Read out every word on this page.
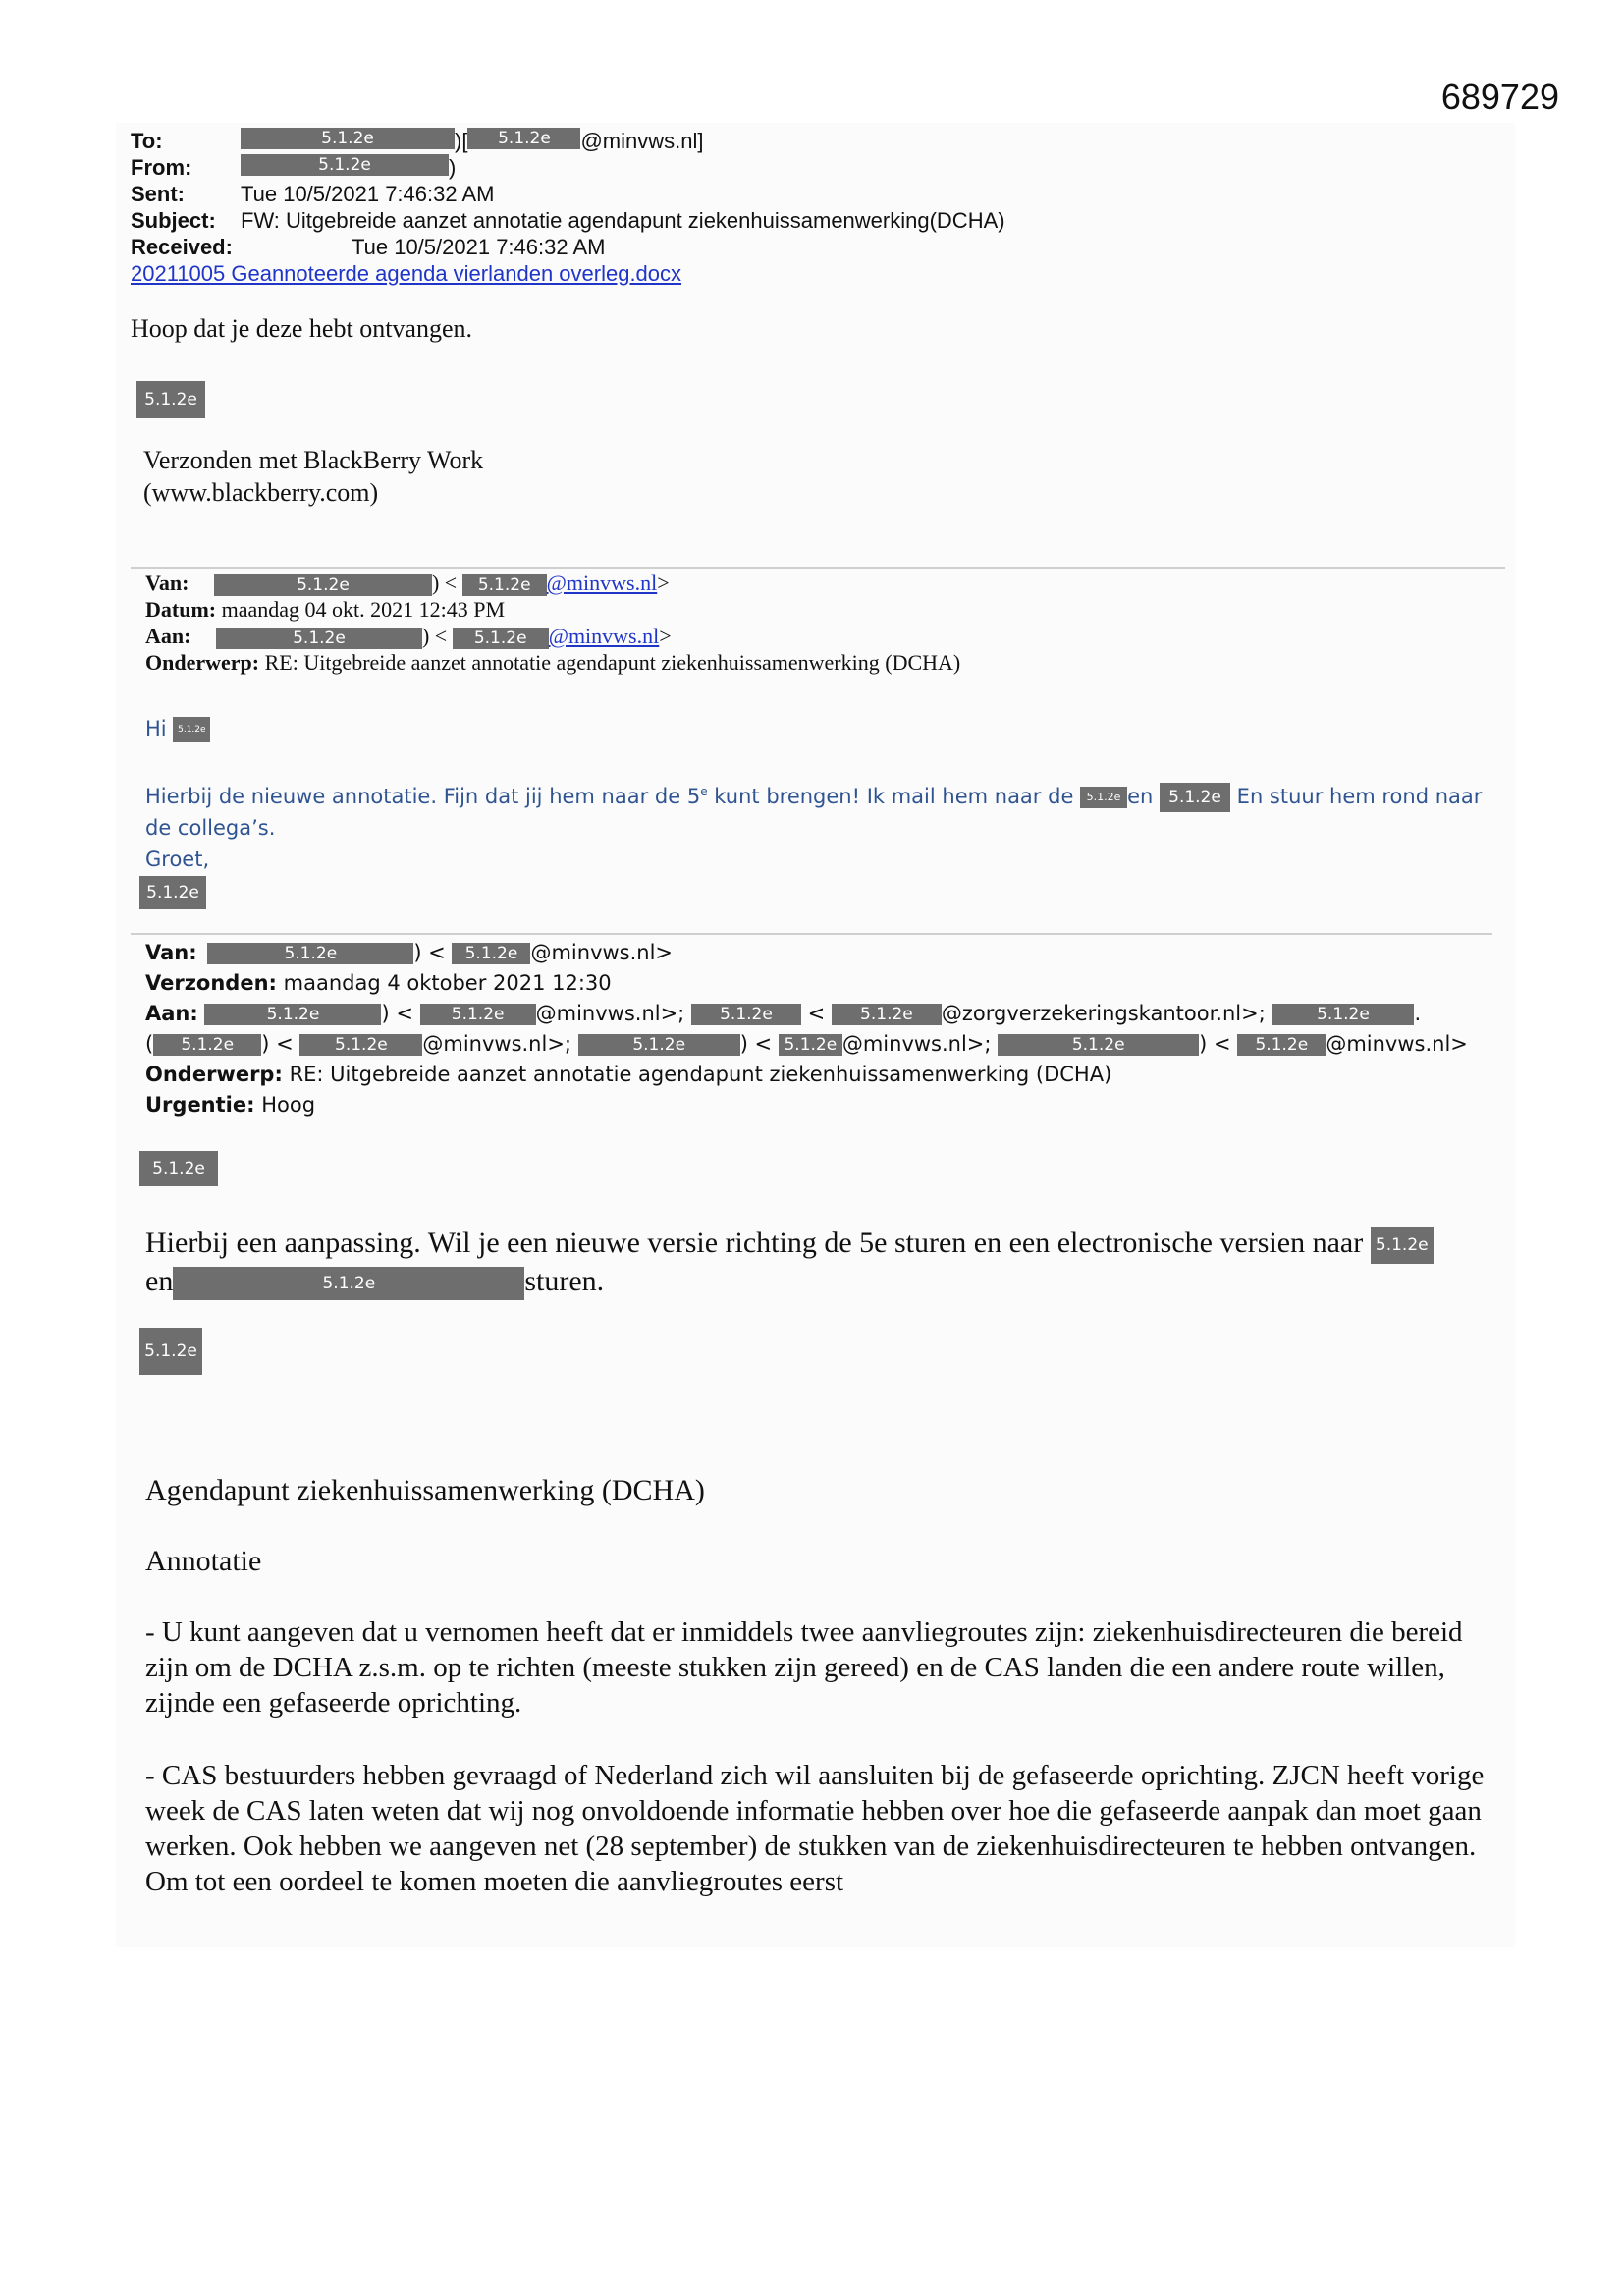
689729
To:	5.1.2e	)[	5.1.2e	@minvws.nl]
From:	5.1.2e	)
Sent:	Tue 10/5/2021 7:46:32 AM
Subject:	FW: Uitgebreide aanzet annotatie agendapunt ziekenhuissamenwerking(DCHA)
Received:	Tue 10/5/2021 7:46:32 AM
20211005 Geannoteerde agenda vierlanden overleg.docx
Hoop dat je deze hebt ontvangen.
5.1.2e
Verzonden met BlackBerry Work
(www.blackberry.com)
Van:	5.1.2e	) < 5.1.2e @minvws.nl>
Datum: maandag 04 okt. 2021 12:43 PM
Aan:	5.1.2e	) < 5.1.2e @minvws.nl>
Onderwerp: RE: Uitgebreide aanzet annotatie agendapunt ziekenhuissamenwerking (DCHA)
Hi 5.1.2e
Hierbij de nieuwe annotatie. Fijn dat jij hem naar de 5e kunt brengen! Ik mail hem naar de 5.1.2e en 5.1.2e En stuur hem rond naar
de collega’s.
Groet,
5.1.2e
Van:	5.1.2e	) < 5.1.2e @minvws.nl>
Verzonden: maandag 4 oktober 2021 12:30
Aan:	5.1.2e	) < 5.1.2e @minvws.nl>; 5.1.2e < 5.1.2e @zorgverzekeringskantoor.nl>;	5.1.2e .
( 5.1.2e ) < 5.1.2e @minvws.nl>;	5.1.2e	) < 5.1.2e @minvws.nl>;	5.1.2e	) < 5.1.2e @minvws.nl>
Onderwerp: RE: Uitgebreide aanzet annotatie agendapunt ziekenhuissamenwerking (DCHA)
Urgentie: Hoog
5.1.2e
Hierbij een aanpassing. Wil je een nieuwe versie richting de 5e sturen en een electronische versien naar 5.1.2e
en	5.1.2e	sturen.
5.1.2e
Agendapunt ziekenhuissamenwerking (DCHA)
Annotatie
- U kunt aangeven dat u vernomen heeft dat er inmiddels twee aanvliegroutes zijn: ziekenhuisdirecteuren die bereid zijn om de DCHA z.s.m. op te richten (meeste stukken zijn gereed) en de CAS landen die een andere route willen, zijnde een gefaseerde oprichting.
- CAS bestuurders hebben gevraagd of Nederland zich wil aansluiten bij de gefaseerde oprichting. ZJCN heeft vorige week de CAS laten weten dat wij nog onvoldoende informatie hebben over hoe die gefaseerde aanpak dan moet gaan werken. Ook hebben we aangeven net (28 september) de stukken van de ziekenhuisdirecteuren te hebben ontvangen. Om tot een oordeel te komen moeten die aanvliegroutes eerst
